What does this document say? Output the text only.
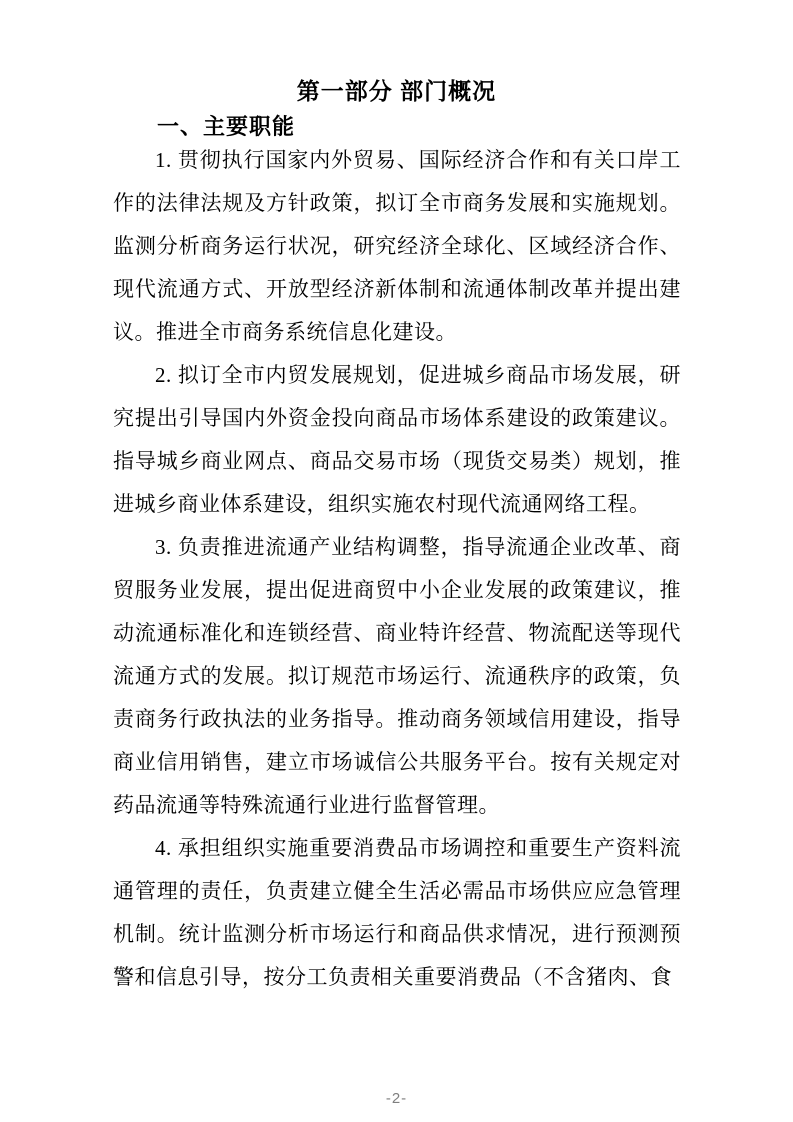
第一部分 部门概况
一、主要职能

1. 贯彻执行国家内外贸易、国际经济合作和有关口岸工作的法律法规及方针政策，拟订全市商务发展和实施规划。监测分析商务运行状况，研究经济全球化、区域经济合作、现代流通方式、开放型经济新体制和流通体制改革并提出建议。推进全市商务系统信息化建设。

2. 拟订全市内贸发展规划，促进城乡商品市场发展，研究提出引导国内外资金投向商品市场体系建设的政策建议。指导城乡商业网点、商品交易市场（现货交易类）规划，推进城乡商业体系建设，组织实施农村现代流通网络工程。

3. 负责推进流通产业结构调整，指导流通企业改革、商贸服务业发展，提出促进商贸中小企业发展的政策建议，推动流通标准化和连锁经营、商业特许经营、物流配送等现代流通方式的发展。拟订规范市场运行、流通秩序的政策，负责商务行政执法的业务指导。推动商务领域信用建设，指导商业信用销售，建立市场诚信公共服务平台。按有关规定对药品流通等特殊流通行业进行监督管理。

4. 承担组织实施重要消费品市场调控和重要生产资料流通管理的责任，负责建立健全生活必需品市场供应应急管理机制。统计监测分析市场运行和商品供求情况，进行预测预警和信息引导，按分工负责相关重要消费品（不含猪肉、食

-2-
